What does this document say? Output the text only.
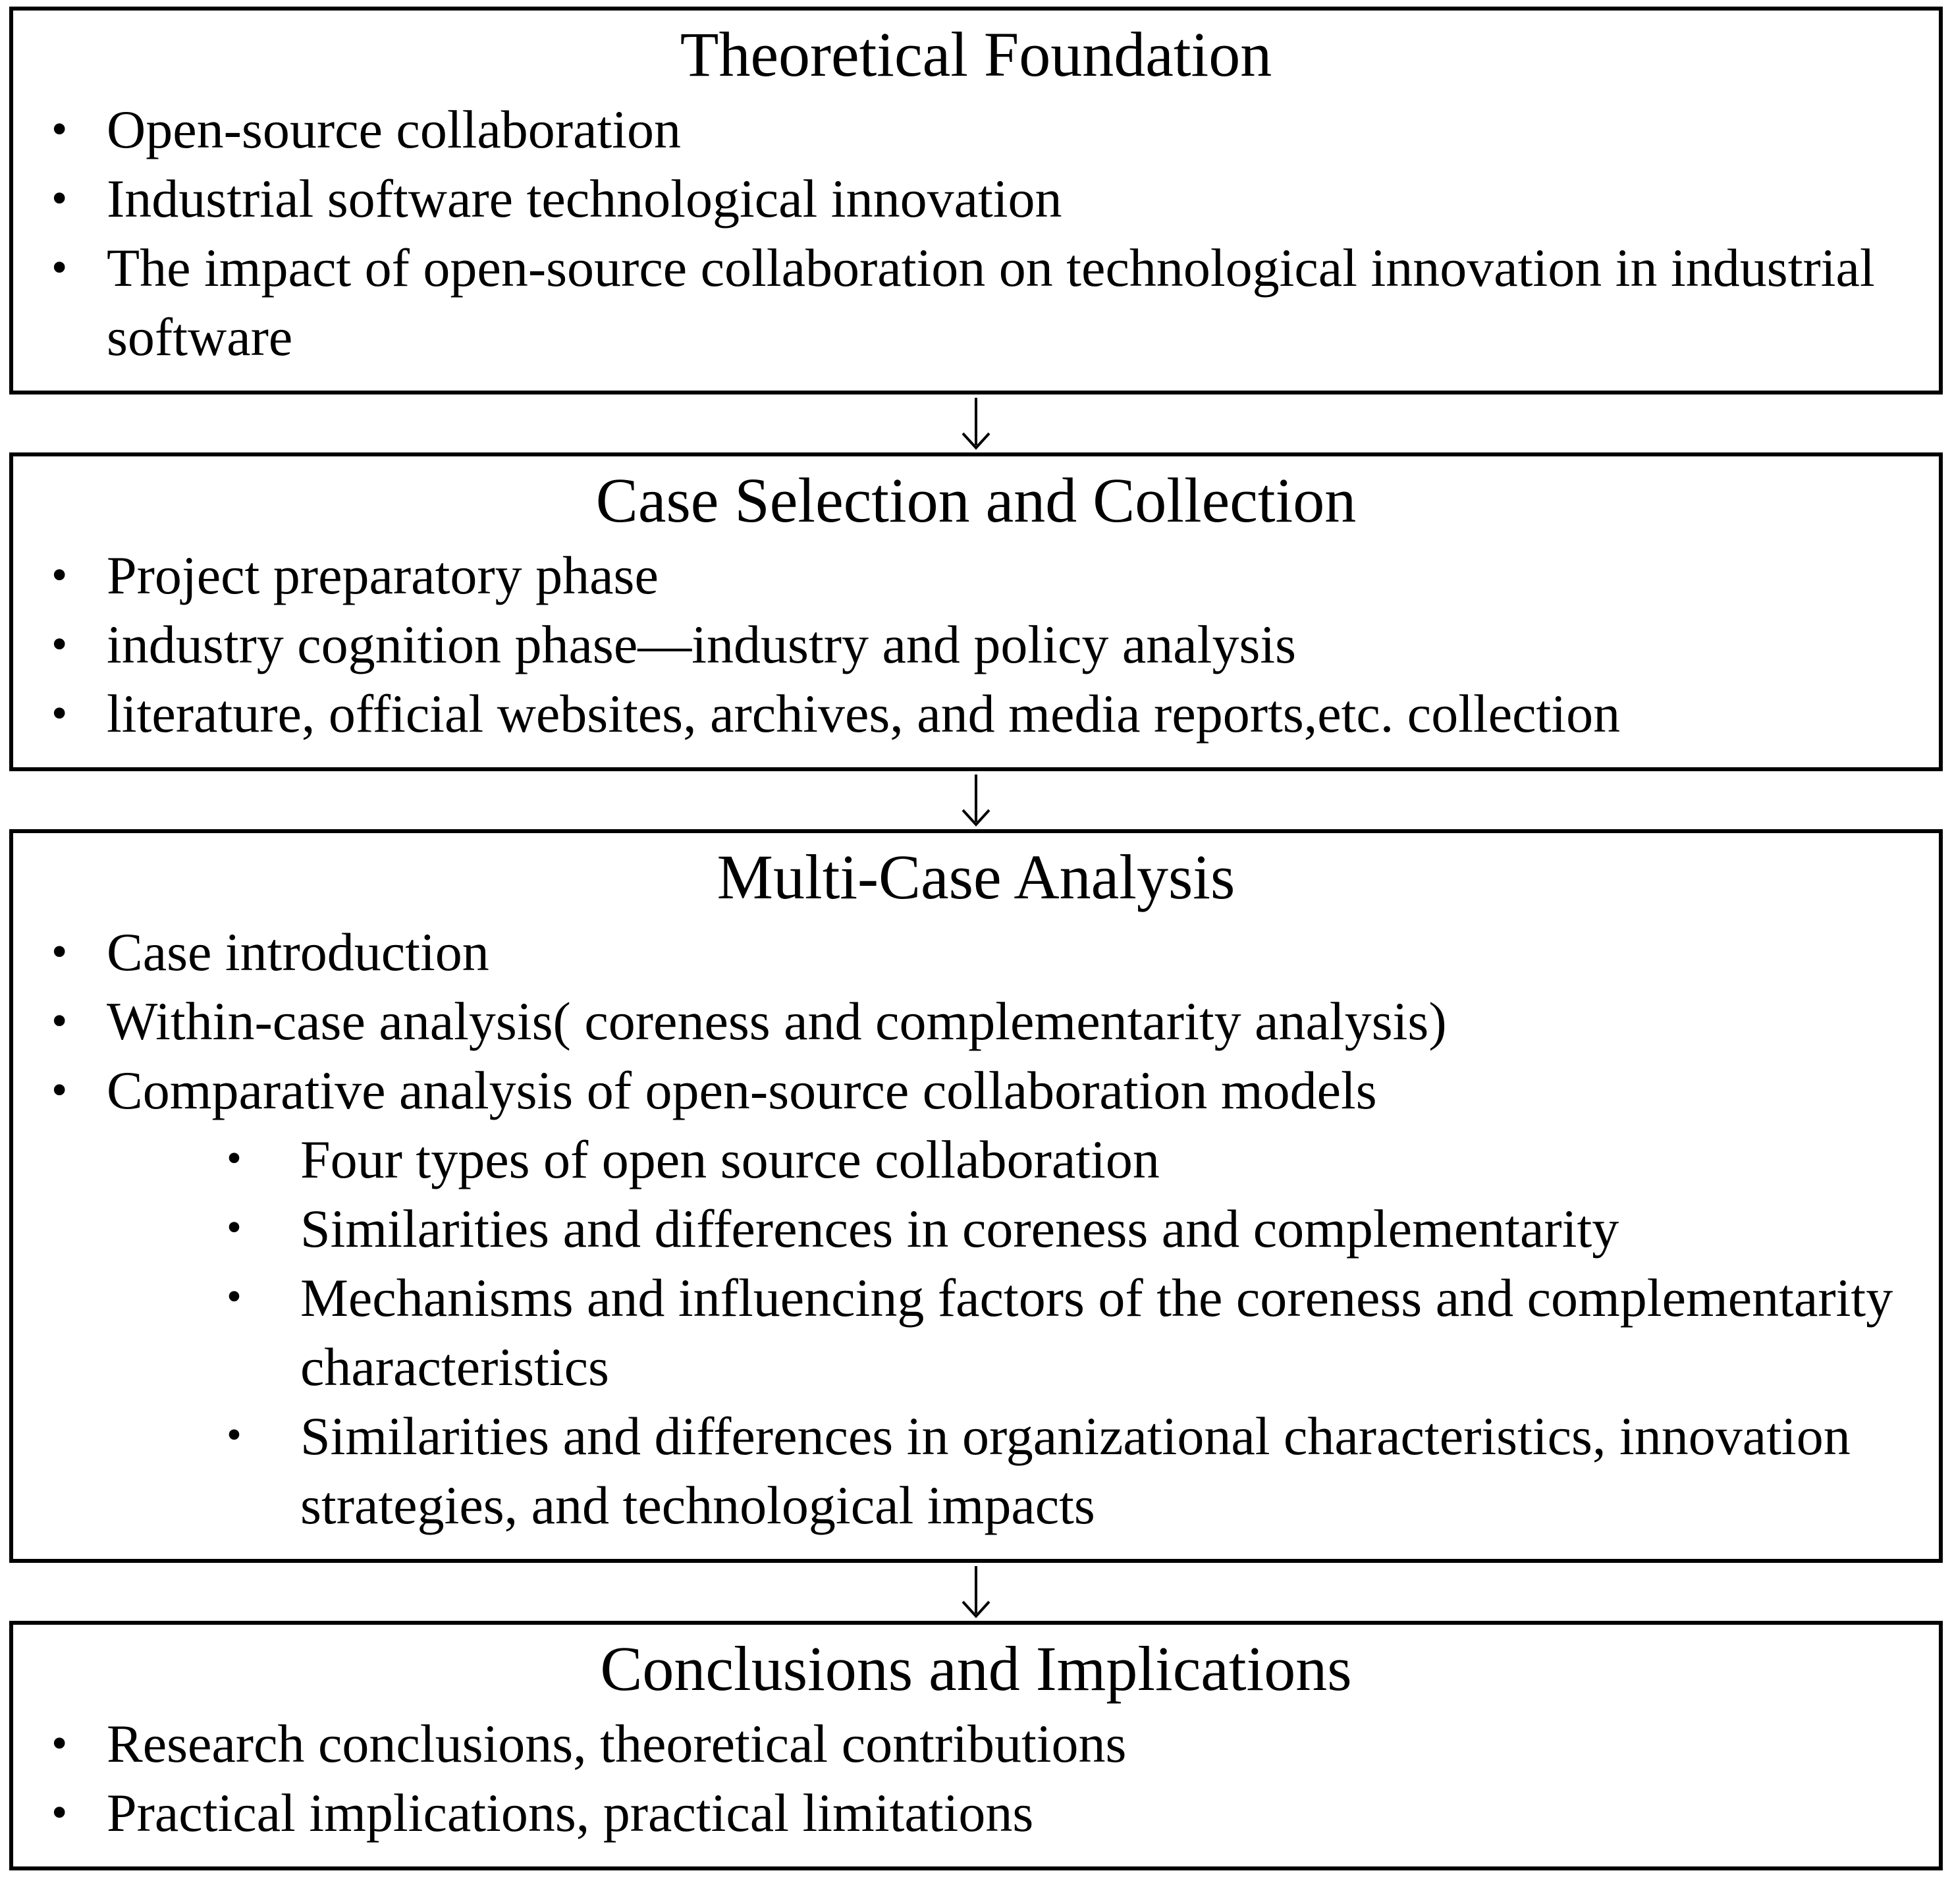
Theoretical Foundation
• Open-source collaboration
• Industrial software technological innovation
• The impact of open-source collaboration on technological innovation in industrial software
Case Selection and Collection
• Project preparatory phase
• industry cognition phase—industry and policy analysis
• literature, official websites, archives, and media reports,etc. collection
Multi-Case Analysis
• Case introduction
• Within-case analysis( coreness and complementarity analysis)
• Comparative analysis of open-source collaboration models
•	Four types of open source collaboration
•	Similarities and differences in coreness and complementarity
•	Mechanisms and influencing factors of the coreness and complementarity characteristics
•	Similarities and differences in organizational characteristics, innovation strategies, and technological impacts
Conclusions and Implications
• Research conclusions, theoretical contributions
• Practical implications, practical limitations
